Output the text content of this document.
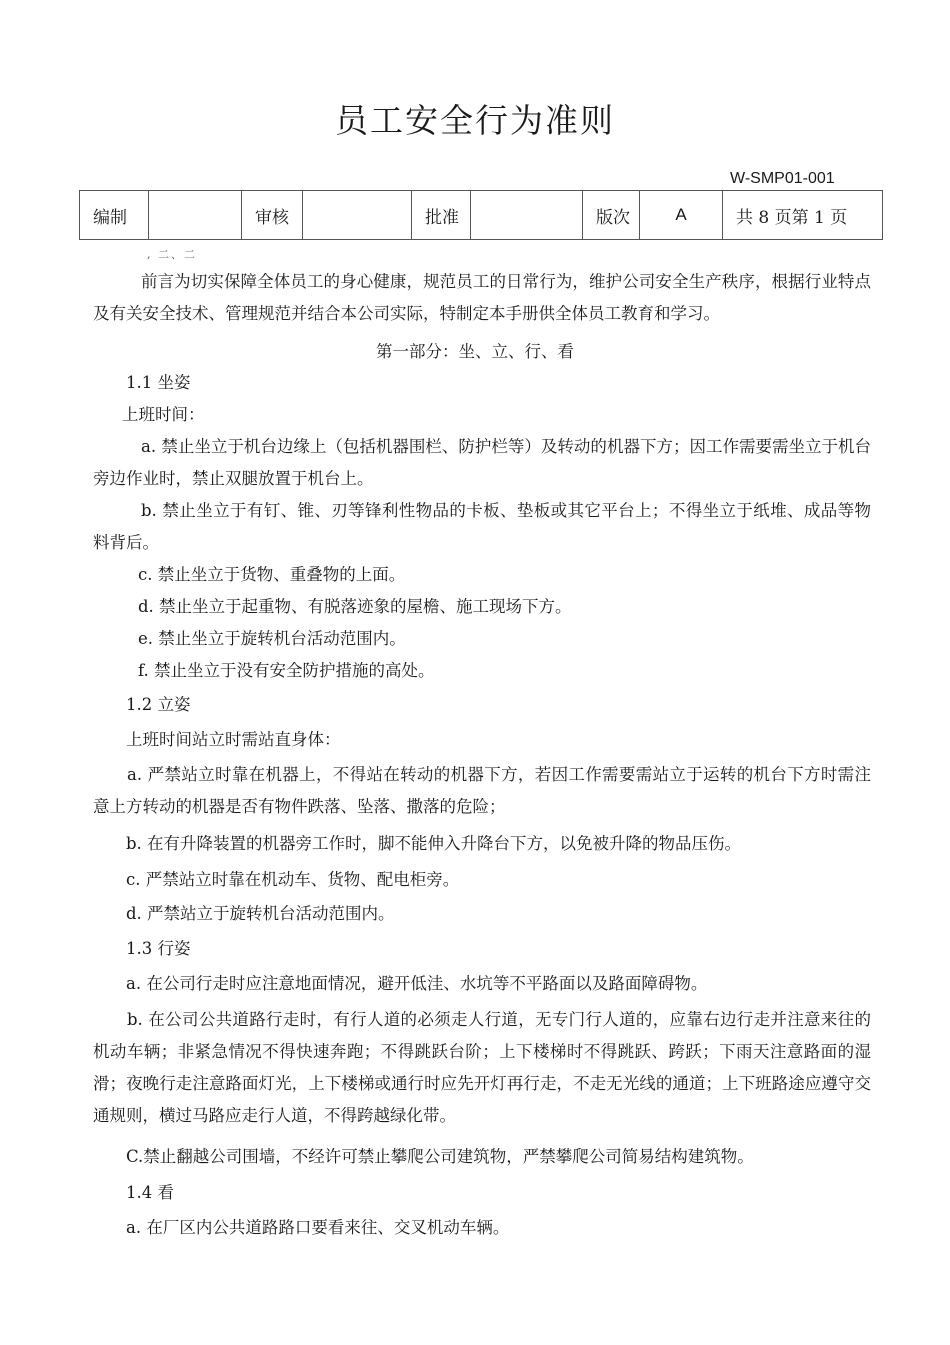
员工安全行为准则
W-SMP01-001
编制		审核		批准		版次	A	共 8 页第 1 页
, 二、二
前言为切实保障全体员工的身心健康，规范员工的日常行为，维护公司安全生产秩序，根据行业特点及有关安全技术、管理规范并结合本公司实际，特制定本手册供全体员工教育和学习。
第一部分：坐、立、行、看
1.1 坐姿
上班时间：
a. 禁止坐立于机台边缘上（包括机器围栏、防护栏等）及转动的机器下方；因工作需要需坐立于机台旁边作业时，禁止双腿放置于机台上。
b. 禁止坐立于有钉、锥、刃等锋利性物品的卡板、垫板或其它平台上；不得坐立于纸堆、成品等物料背后。
c. 禁止坐立于货物、重叠物的上面。
d. 禁止坐立于起重物、有脱落迹象的屋檐、施工现场下方。
e. 禁止坐立于旋转机台活动范围内。
f. 禁止坐立于没有安全防护措施的高处。
1.2 立姿
上班时间站立时需站直身体：
a. 严禁站立时靠在机器上，不得站在转动的机器下方，若因工作需要需站立于运转的机台下方时需注意上方转动的机器是否有物件跌落、坠落、撒落的危险；
b. 在有升降装置的机器旁工作时，脚不能伸入升降台下方，以免被升降的物品压伤。
c. 严禁站立时靠在机动车、货物、配电柜旁。
d. 严禁站立于旋转机台活动范围内。
1.3 行姿
a. 在公司行走时应注意地面情况，避开低洼、水坑等不平路面以及路面障碍物。
b. 在公司公共道路行走时，有行人道的必须走人行道，无专门行人道的，应靠右边行走并注意来往的机动车辆；非紧急情况不得快速奔跑；不得跳跃台阶；上下楼梯时不得跳跃、跨跃；下雨天注意路面的湿滑；夜晚行走注意路面灯光，上下楼梯或通行时应先开灯再行走，不走无光线的通道；上下班路途应遵守交通规则，横过马路应走行人道，不得跨越绿化带。
C.禁止翻越公司围墙，不经许可禁止攀爬公司建筑物，严禁攀爬公司简易结构建筑物。
1.4 看
a. 在厂区内公共道路路口要看来往、交叉机动车辆。
